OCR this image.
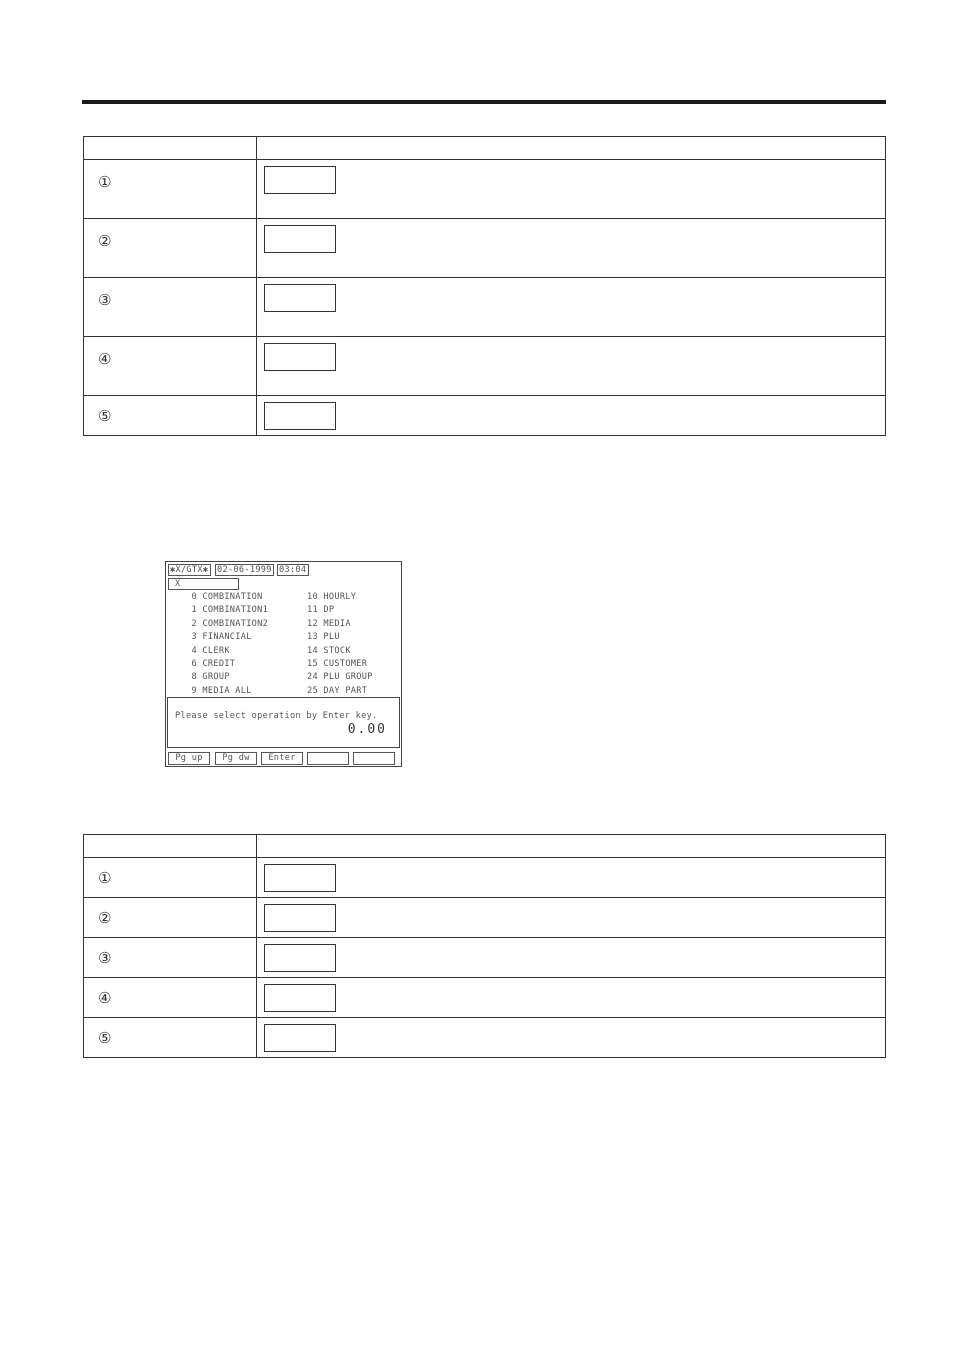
①	

②	

③	

④	

⑤	

✱X/GTX✱	02-06-1999 03:04
X
0 COMBINATION
1 COMBINATION1
2 COMBINATION2
3 FINANCIAL
4 CLERK
6 CREDIT
8 GROUP
9 MEDIA ALL
10 HOURLY
11 DP
12 MEDIA
13 PLU
14 STOCK
15 CUSTOMER
24 PLU GROUP
25 DAY PART
Please select operation by Enter key.
0.00
Pg up	Pg dw	Enter

①	

②	

③	

④	

⑤	
